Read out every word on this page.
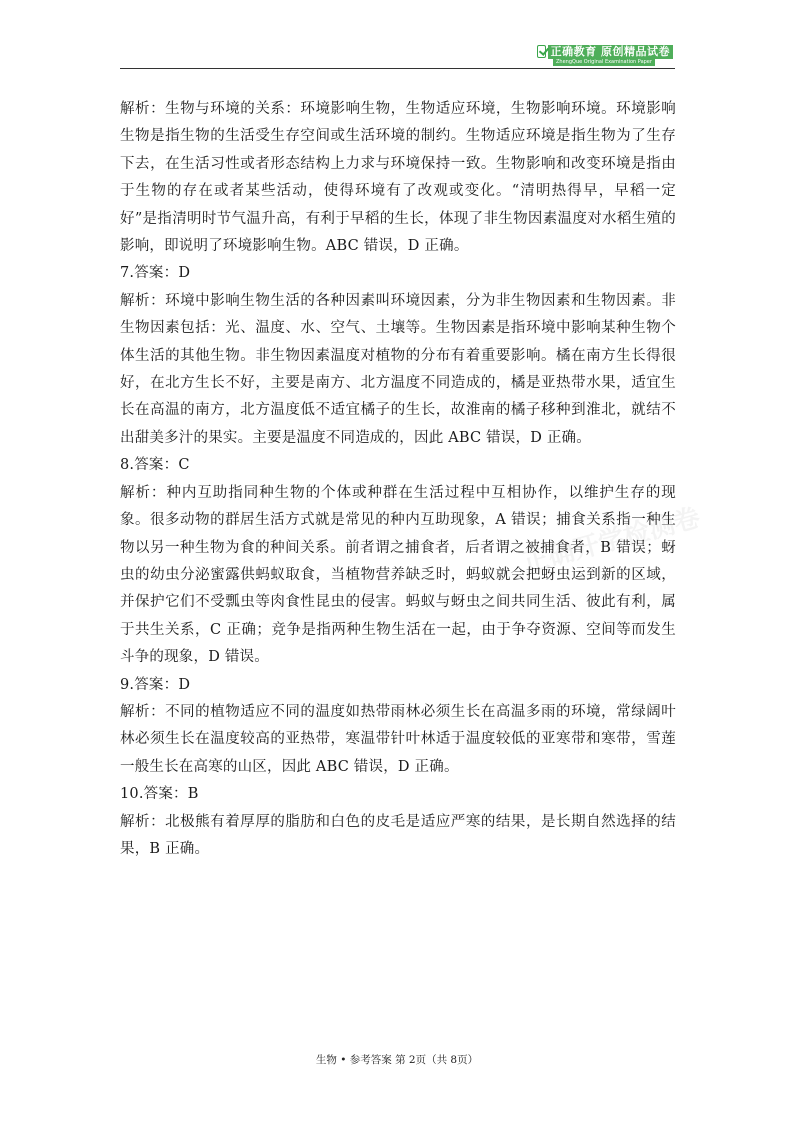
正确教育 原创精品试卷
ZhengQue Original Examination Paper

解析：生物与环境的关系：环境影响生物，生物适应环境，生物影响环境。环境影响生物是指生物的生活受生存空间或生活环境的制约。生物适应环境是指生物为了生存下去，在生活习性或者形态结构上力求与环境保持一致。生物影响和改变环境是指由于生物的存在或者某些活动，使得环境有了改观或变化。“清明热得早，早稻一定好”是指清明时节气温升高，有利于早稻的生长，体现了非生物因素温度对水稻生殖的影响，即说明了环境影响生物。ABC 错误，D 正确。

7.答案：D

解析：环境中影响生物生活的各种因素叫环境因素，分为非生物因素和生物因素。非生物因素包括：光、温度、水、空气、土壤等。生物因素是指环境中影响某种生物个体生活的其他生物。非生物因素温度对植物的分布有着重要影响。橘在南方生长得很好，在北方生长不好，主要是南方、北方温度不同造成的，橘是亚热带水果，适宜生长在高温的南方，北方温度低不适宜橘子的生长，故淮南的橘子移种到淮北，就结不出甜美多汁的果实。主要是温度不同造成的，因此 ABC 错误，D 正确。

8.答案：C

解析：种内互助指同种生物的个体或种群在生活过程中互相协作，以维护生存的现象。很多动物的群居生活方式就是常见的种内互助现象，A 错误；捕食关系指一种生物以另一种生物为食的种间关系。前者谓之捕食者，后者谓之被捕食者，B 错误；蚜虫的幼虫分泌蜜露供蚂蚁取食，当植物营养缺乏时，蚂蚁就会把蚜虫运到新的区域，并保护它们不受瓢虫等肉食性昆虫的侵害。蚂蚁与蚜虫之间共同生活、彼此有利，属于共生关系，C 正确；竞争是指两种生物生活在一起，由于争夺资源、空间等而发生斗争的现象，D 错误。

9.答案：D

解析：不同的植物适应不同的温度如热带雨林必须生长在高温多雨的环境，常绿阔叶林必须生长在温度较高的亚热带，寒温带针叶林适于温度较低的亚寒带和寒带，雪莲一般生长在高寒的山区，因此 ABC 错误，D 正确。

10.答案：B

解析：北极熊有着厚厚的脂肪和白色的皮毛是适应严寒的结果，是长期自然选择的结果，B 正确。

生物 • 参考答案 第 2页（共 8页）
